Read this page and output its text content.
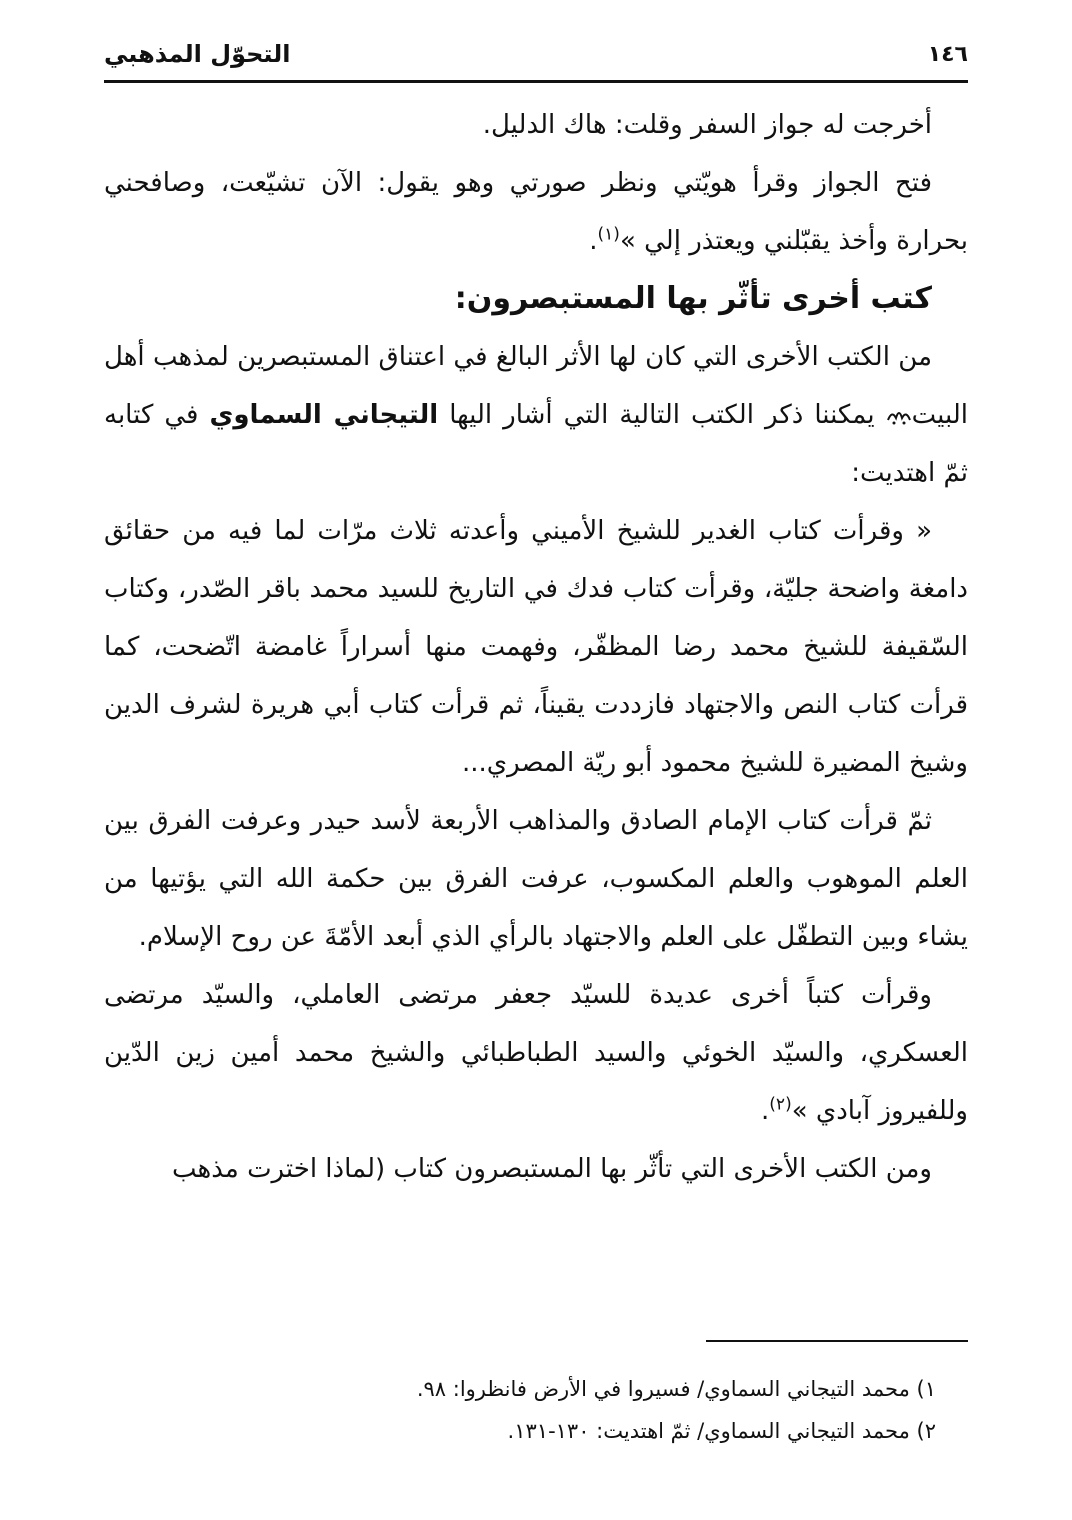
١٤٦
التحوّل المذهبي

أخرجت له جواز السفر وقلت: هاك الدليل.

فتح الجواز وقرأ هويّتي ونظر صورتي وهو يقول: الآن تشيّعت، وصافحني بحرارة وأخذ يقبّلني ويعتذر إلي »$^{(١)}$.

كتب أخرى تأثّر بها المستبصرون:

من الكتب الأخرى التي كان لها الأثر البالغ في اعتناق المستبصرين لمذهب أهل البيت يمكننا ذكر الكتب التالية التي أشار اليها التيجاني السماوي في كتابه ثمّ اهتديت:

« وقرأت كتاب الغدير للشيخ الأميني وأعدته ثلاث مرّات لما فيه من حقائق دامغة واضحة جليّة، وقرأت كتاب فدك في التاريخ للسيد محمد باقر الصّدر، وكتاب السّقيفة للشيخ محمد رضا المظفّر، وفهمت منها أسراراً غامضة اتّضحت، كما قرأت كتاب النص والاجتهاد فازددت يقيناً، ثم قرأت كتاب أبي هريرة لشرف الدين وشيخ المضيرة للشيخ محمود أبو ريّة المصري...

ثمّ قرأت كتاب الإمام الصادق والمذاهب الأربعة لأسد حيدر وعرفت الفرق بين العلم الموهوب والعلم المكسوب، عرفت الفرق بين حكمة الله التي يؤتيها من يشاء وبين التطفّل على العلم والاجتهاد بالرأي الذي أبعد الأمّةَ عن روح الإسلام.

وقرأت كتباً أخرى عديدة للسيّد جعفر مرتضى العاملي، والسيّد مرتضى العسكري، والسيّد الخوئي والسيد الطباطبائي والشيخ محمد أمين زين الدّين وللفيروز آبادي »$^{(٢)}$.

ومن الكتب الأخرى التي تأثّر بها المستبصرون كتاب (لماذا اخترت مذهب

١) محمد التيجاني السماوي/ فسيروا في الأرض فانظروا: ٩٨.

٢) محمد التيجاني السماوي/ ثمّ اهتديت: ١٣٠-١٣١.
